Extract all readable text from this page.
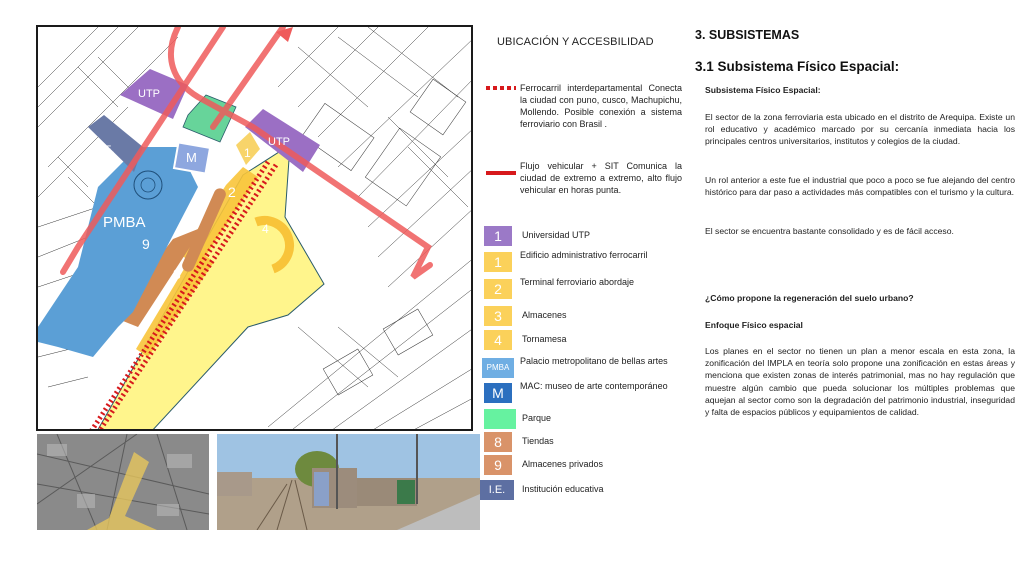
UTP
UTP
I.E.	M
PMBA
1
2
3
4
8
9
UBICACIÓN Y ACCESBILIDAD
Ferrocarril interdepartamental Conecta la ciudad con puno, cusco, Machupichu, Mollendo. Posible conexión a sistema ferroviario con Brasil .
Flujo vehicular + SIT Comunica la ciudad de extremo a extremo, alto flujo vehicular en horas punta.
1	Universidad UTP
1	Edificio administrativo ferrocarril
2	Terminal ferroviario abordaje
3	Almacenes
4	Tornamesa
PMBA
Palacio metropolitano de bellas artes
M	MAC: museo de arte contemporáneo
Parque
8	Tiendas
9	Almacenes privados
I.E.	Institución educativa
3. SUBSISTEMAS
3.1 Subsistema Físico Espacial:
Subsistema Físico Espacial:
El sector de la zona ferroviaria esta ubicado en el distrito de Arequipa. Existe un rol educativo y académico marcado por su cercanía inmediata hacia los principales centros universitarios, institutos y colegios de la ciudad.
Un rol anterior a este fue el industrial que poco a poco se fue alejando del centro histórico para dar paso a actividades más compatibles con el turismo y la cultura.
El sector se encuentra bastante consolidado y es de fácil acceso.
¿Cómo propone la regeneración del suelo urbano?
Enfoque Físico espacial
Los planes en el sector no tienen un plan a menor escala en esta zona, la zonificación del IMPLA en teoría solo propone una zonificación en estas áreas y menciona que existen zonas de interés patrimonial, mas no hay regulación que muestre algún cambio que pueda solucionar los múltiples problemas que aquejan al sector como son la degradación del patrimonio industrial, inseguridad y falta de espacios públicos y equipamientos de calidad.
